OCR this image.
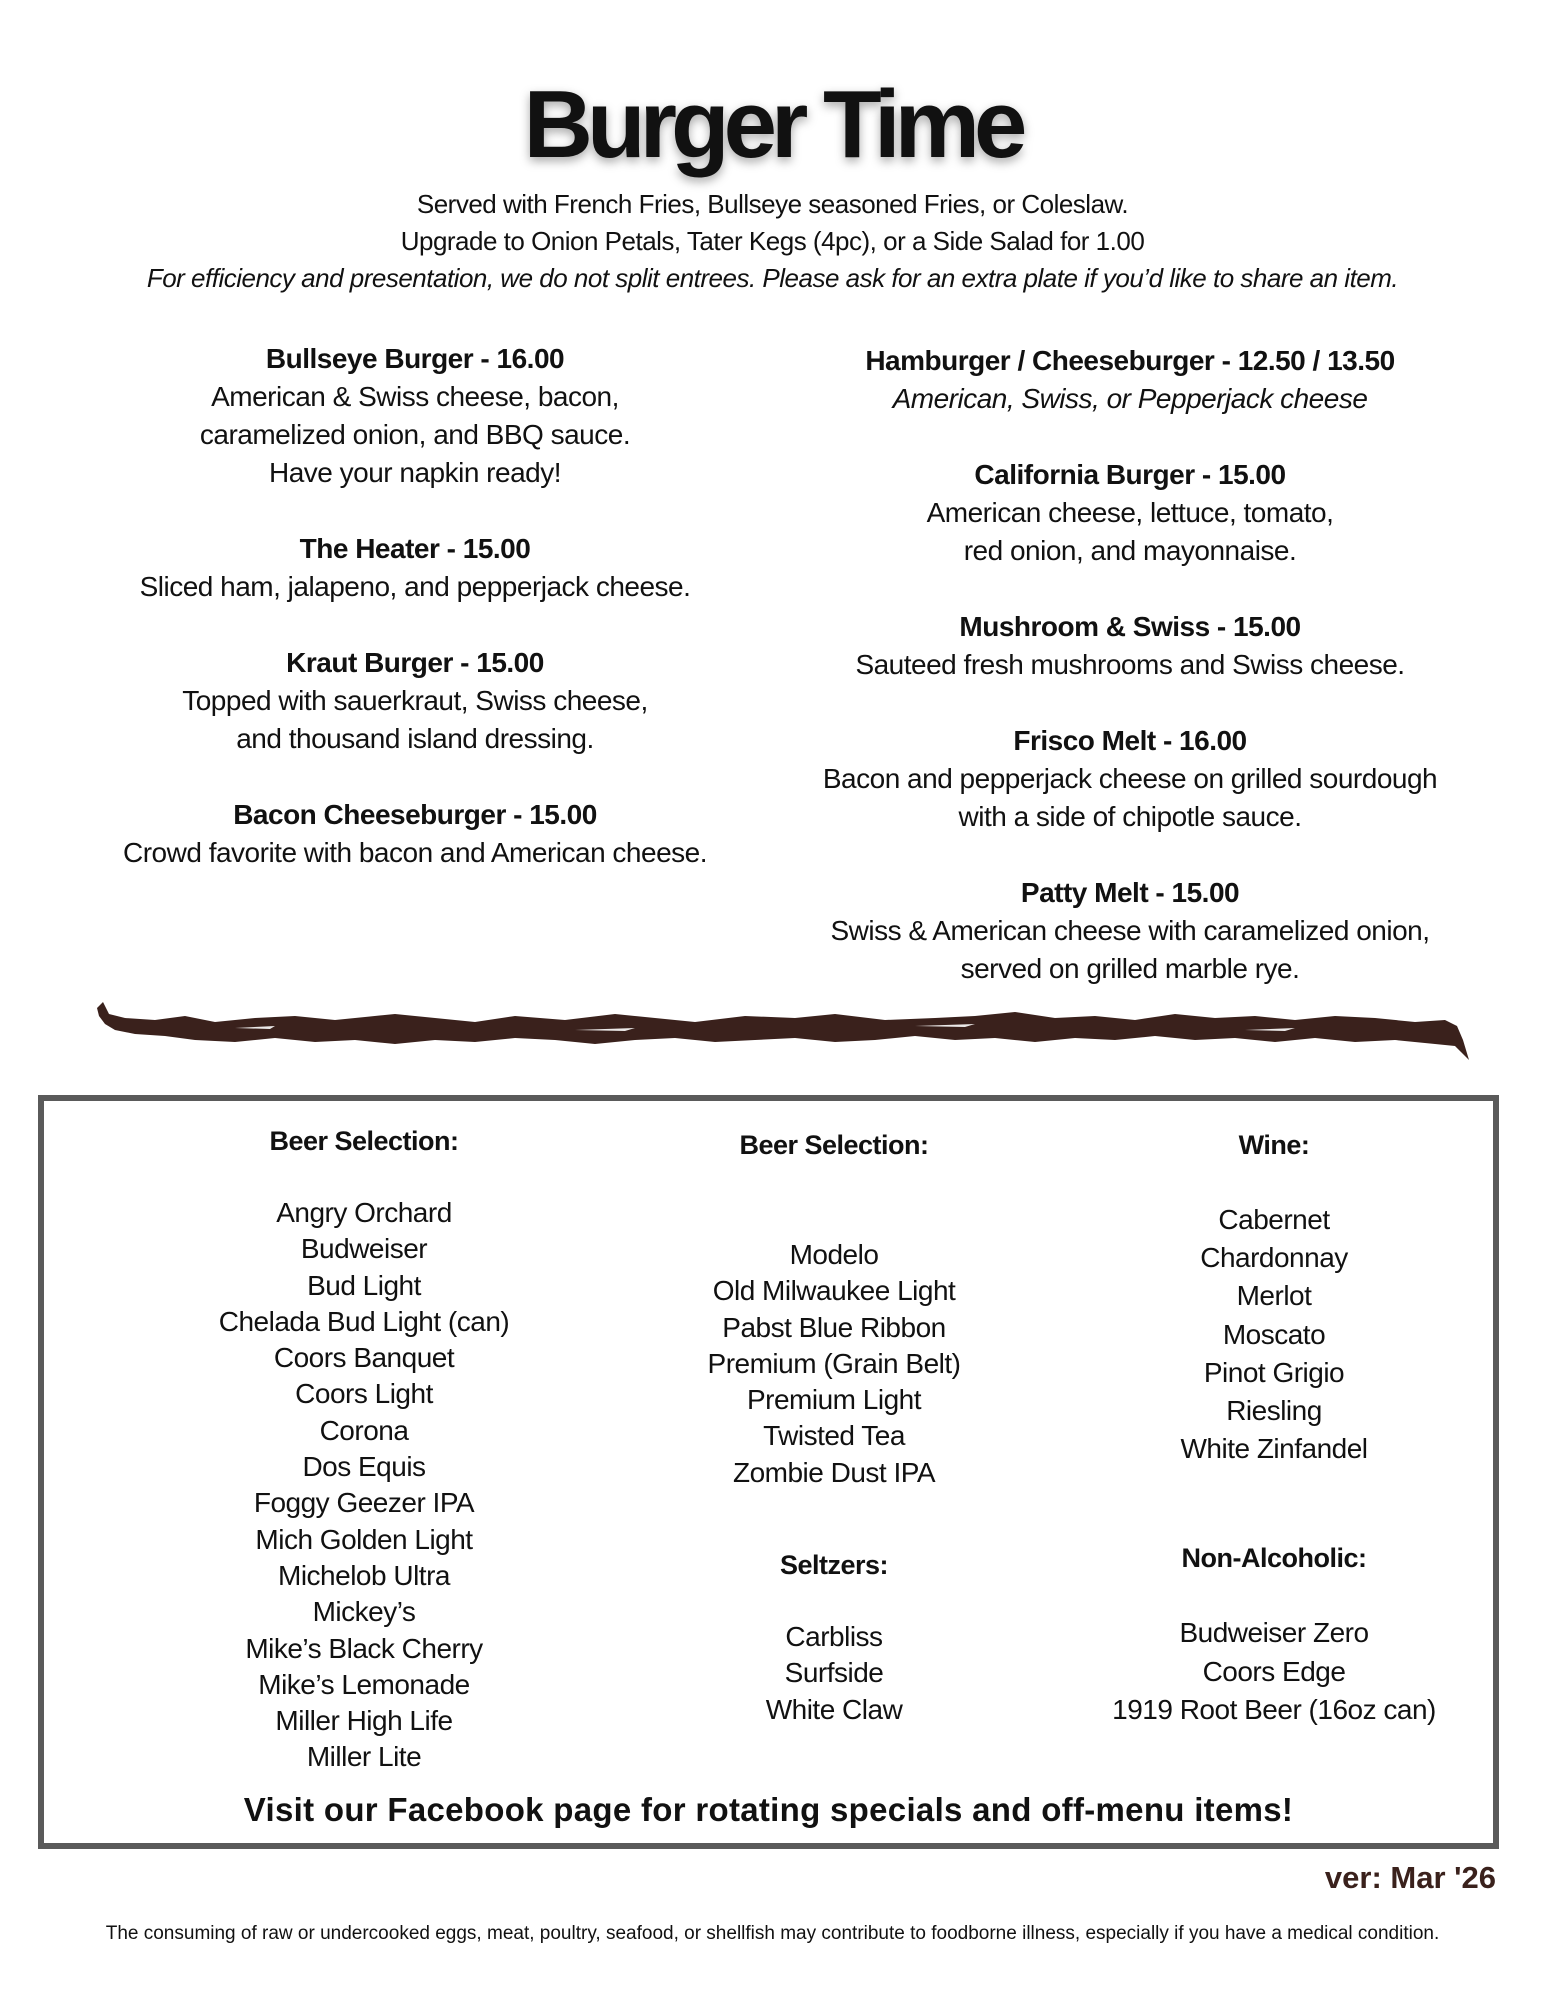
Burger Time
Served with French Fries, Bullseye seasoned Fries, or Coleslaw.
Upgrade to Onion Petals, Tater Kegs (4pc), or a Side Salad for 1.00
For efficiency and presentation, we do not split entrees. Please ask for an extra plate if you’d like to share an item.
Bullseye Burger - 16.00
American & Swiss cheese, bacon,
caramelized onion, and BBQ sauce.
Have your napkin ready!
The Heater - 15.00
Sliced ham, jalapeno, and pepperjack cheese.
Kraut Burger - 15.00
Topped with sauerkraut, Swiss cheese,
and thousand island dressing.
Bacon Cheeseburger - 15.00
Crowd favorite with bacon and American cheese.
Hamburger / Cheeseburger - 12.50 / 13.50
American, Swiss, or Pepperjack cheese
California Burger - 15.00
American cheese, lettuce, tomato,
red onion, and mayonnaise.
Mushroom & Swiss - 15.00
Sauteed fresh mushrooms and Swiss cheese.
Frisco Melt - 16.00
Bacon and pepperjack cheese on grilled sourdough
with a side of chipotle sauce.
Patty Melt - 15.00
Swiss & American cheese with caramelized onion,
served on grilled marble rye.
Beer Selection:
Angry Orchard
Budweiser
Bud Light
Chelada Bud Light (can)
Coors Banquet
Coors Light
Corona
Dos Equis
Foggy Geezer IPA
Mich Golden Light
Michelob Ultra
Mickey’s
Mike’s Black Cherry
Mike’s Lemonade
Miller High Life
Miller Lite
Beer Selection:
Modelo
Old Milwaukee Light
Pabst Blue Ribbon
Premium (Grain Belt)
Premium Light
Twisted Tea
Zombie Dust IPA
Seltzers:
Carbliss
Surfside
White Claw
Wine:
Cabernet
Chardonnay
Merlot
Moscato
Pinot Grigio
Riesling
White Zinfandel
Non-Alcoholic:
Budweiser Zero
Coors Edge
1919 Root Beer (16oz can)
Visit our Facebook page for rotating specials and off-menu items!
ver: Mar '26
The consuming of raw or undercooked eggs, meat, poultry, seafood, or shellfish may contribute to foodborne illness, especially if you have a medical condition.
